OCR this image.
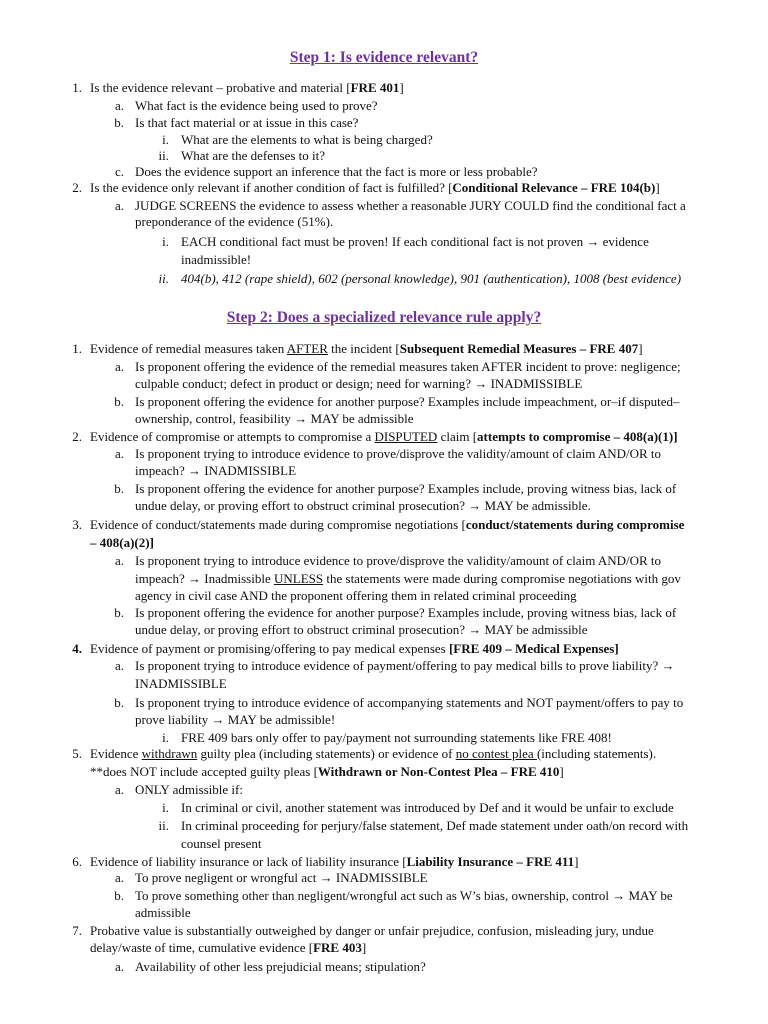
Step 1: Is evidence relevant?
Step 2: Does a specialized relevance rule apply?
1. Is the evidence relevant – probative and material [FRE 401]
a. What fact is the evidence being used to prove?
b. Is that fact material or at issue in this case?
i. What are the elements to what is being charged?
ii. What are the defenses to it?
c. Does the evidence support an inference that the fact is more or less probable?
2. Is the evidence only relevant if another condition of fact is fulfilled? [Conditional Relevance – FRE 104(b)]
a. JUDGE SCREENS the evidence to assess whether a reasonable JURY COULD find the conditional fact a
preponderance of the evidence (51%).
i. EACH conditional fact must be proven! If each conditional fact is not proven → evidence
inadmissible!
ii. 404(b), 412 (rape shield), 602 (personal knowledge), 901 (authentication), 1008 (best evidence)
1. Evidence of remedial measures taken AFTER the incident [Subsequent Remedial Measures – FRE 407]
a. Is proponent offering the evidence of the remedial measures taken AFTER incident to prove: negligence;
culpable conduct; defect in product or design; need for warning? → INADMISSIBLE
b. Is proponent offering the evidence for another purpose? Examples include impeachment, or–if disputed–
ownership, control, feasibility → MAY be admissible
2. Evidence of compromise or attempts to compromise a DISPUTED claim [attempts to compromise – 408(a)(1)]
a. Is proponent trying to introduce evidence to prove/disprove the validity/amount of claim AND/OR to
impeach? → INADMISSIBLE
b. Is proponent offering the evidence for another purpose? Examples include, proving witness bias, lack of
undue delay, or proving effort to obstruct criminal prosecution? → MAY be admissible.
3. Evidence of conduct/statements made during compromise negotiations [conduct/statements during compromise
– 408(a)(2)]
a. Is proponent trying to introduce evidence to prove/disprove the validity/amount of claim AND/OR to
impeach? → Inadmissible UNLESS the statements were made during compromise negotiations with gov
agency in civil case AND the proponent offering them in related criminal proceeding
b. Is proponent offering the evidence for another purpose? Examples include, proving witness bias, lack of
undue delay, or proving effort to obstruct criminal prosecution? → MAY be admissible
4. Evidence of payment or promising/offering to pay medical expenses [FRE 409 – Medical Expenses]
a. Is proponent trying to introduce evidence of payment/offering to pay medical bills to prove liability? →
INADMISSIBLE
b. Is proponent trying to introduce evidence of accompanying statements and NOT payment/offers to pay to
prove liability → MAY be admissible!
i. FRE 409 bars only offer to pay/payment not surrounding statements like FRE 408!
5. Evidence withdrawn guilty plea (including statements) or evidence of no contest plea (including statements).
**does NOT include accepted guilty pleas [Withdrawn or Non-Contest Plea – FRE 410]
a. ONLY admissible if:
i. In criminal or civil, another statement was introduced by Def and it would be unfair to exclude
ii. In criminal proceeding for perjury/false statement, Def made statement under oath/on record with
counsel present
6. Evidence of liability insurance or lack of liability insurance [Liability Insurance – FRE 411]
a. To prove negligent or wrongful act → INADMISSIBLE
b. To prove something other than negligent/wrongful act such as W’s bias, ownership, control → MAY be
admissible
7. Probative value is substantially outweighed by danger or unfair prejudice, confusion, misleading jury, undue
delay/waste of time, cumulative evidence [FRE 403]
a. Availability of other less prejudicial means; stipulation?
